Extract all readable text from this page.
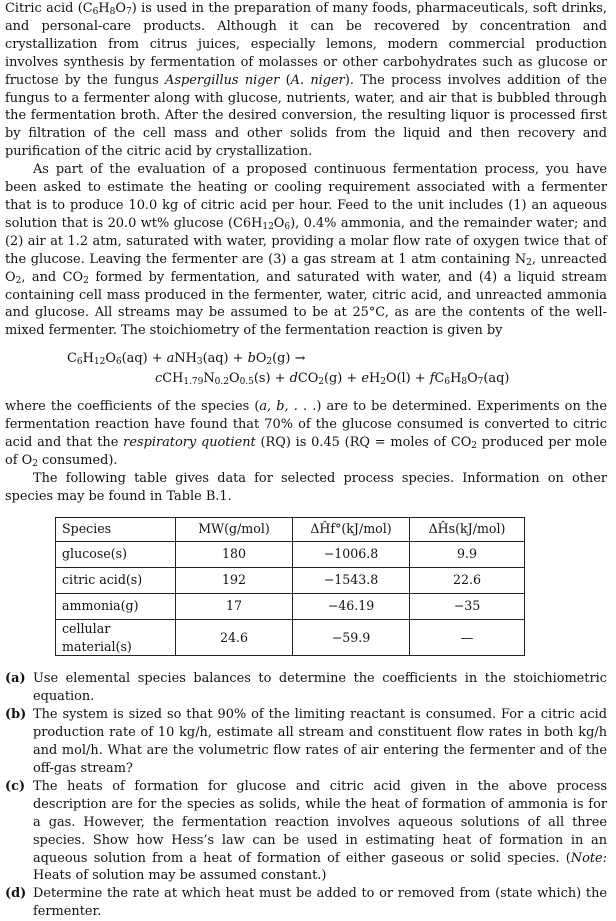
Citric acid $(C_6H_8O_7)$ is used in the preparation of many foods, pharmaceuticals, soft drinks, and personal-care products. Although it can be recovered by concentration and crystallization from citrus juices, especially lemons, modern commercial production involves synthesis by fermentation of molasses or other carbohydrates such as glucose or fructose by the fungus Aspergillus niger (A. niger). The process involves addition of the fungus to a fermenter along with glucose, nutrients, water, and air that is bubbled through the fermentation broth. After the desired conversion, the resulting liquor is processed first by filtration of the cell mass and other solids from the liquid and then recovery and purification of the citric acid by crystallization.

As part of the evaluation of a proposed continuous fermentation process, you have been asked to estimate the heating or cooling requirement associated with a fermenter that is to produce 10.0 kg of citric acid per hour. Feed to the unit includes (1) an aqueous solution that is 20.0 wt% glucose $(C6H_{12}O_6)$, 0.4% ammonia, and the remainder water; and (2) air at 1.2 atm, saturated with water, providing a molar flow rate of oxygen twice that of the glucose. Leaving the fermenter are (3) a gas stream at 1 atm containing $N_2$, unreacted $O_2$, and $CO_2$ formed by fermentation, and saturated with water, and (4) a liquid stream containing cell mass produced in the fermenter, water, citric acid, and unreacted ammonia and glucose. All streams may be assumed to be at 25°C, as are the contents of the well-mixed fermenter. The stoichiometry of the fermentation reaction is given by

$C_6H_{12}O_6(aq) + aNH_3(aq) + bO_2(g)$ →
$cCH_{1.79}N_{0.2}O_{0.5}(s) + dCO_2(g) + eH_2O(l) + fC_6H_8O_7(aq)$

where the coefficients of the species (a, b, . . .) are to be determined. Experiments on the fermentation reaction have found that 70% of the glucose consumed is converted to citric acid and that the respiratory quotient (RQ) is 0.45 (RQ = moles of $CO_2$ produced per mole of $O_2$ consumed).

The following table gives data for selected process species. Information on other species may be found in Table B.1.

Species	MW(g/mol)	ΔĤf°(kJ/mol)	ΔĤs(kJ/mol)
glucose(s)	180	−1006.8	9.9
citric acid(s)	192	−1543.8	22.6
ammonia(g)	17	−46.19	−35
cellular material(s)	24.6	−59.9	—
(a) Use elemental species balances to determine the coefficients in the stoichiometric equation.
(b) The system is sized so that 90% of the limiting reactant is consumed. For a citric acid production rate of 10 kg/h, estimate all stream and constituent flow rates in both kg/h and mol/h. What are the volumetric flow rates of air entering the fermenter and of the off-gas stream?
(c) The heats of formation for glucose and citric acid given in the above process description are for the species as solids, while the heat of formation of ammonia is for a gas. However, the fermentation reaction involves aqueous solutions of all three species. Show how Hess’s law can be used in estimating heat of formation in an aqueous solution from a heat of formation of either gaseous or solid species. (Note: Heats of solution may be assumed constant.)
(d) Determine the rate at which heat must be added to or removed from (state which) the fermenter.
